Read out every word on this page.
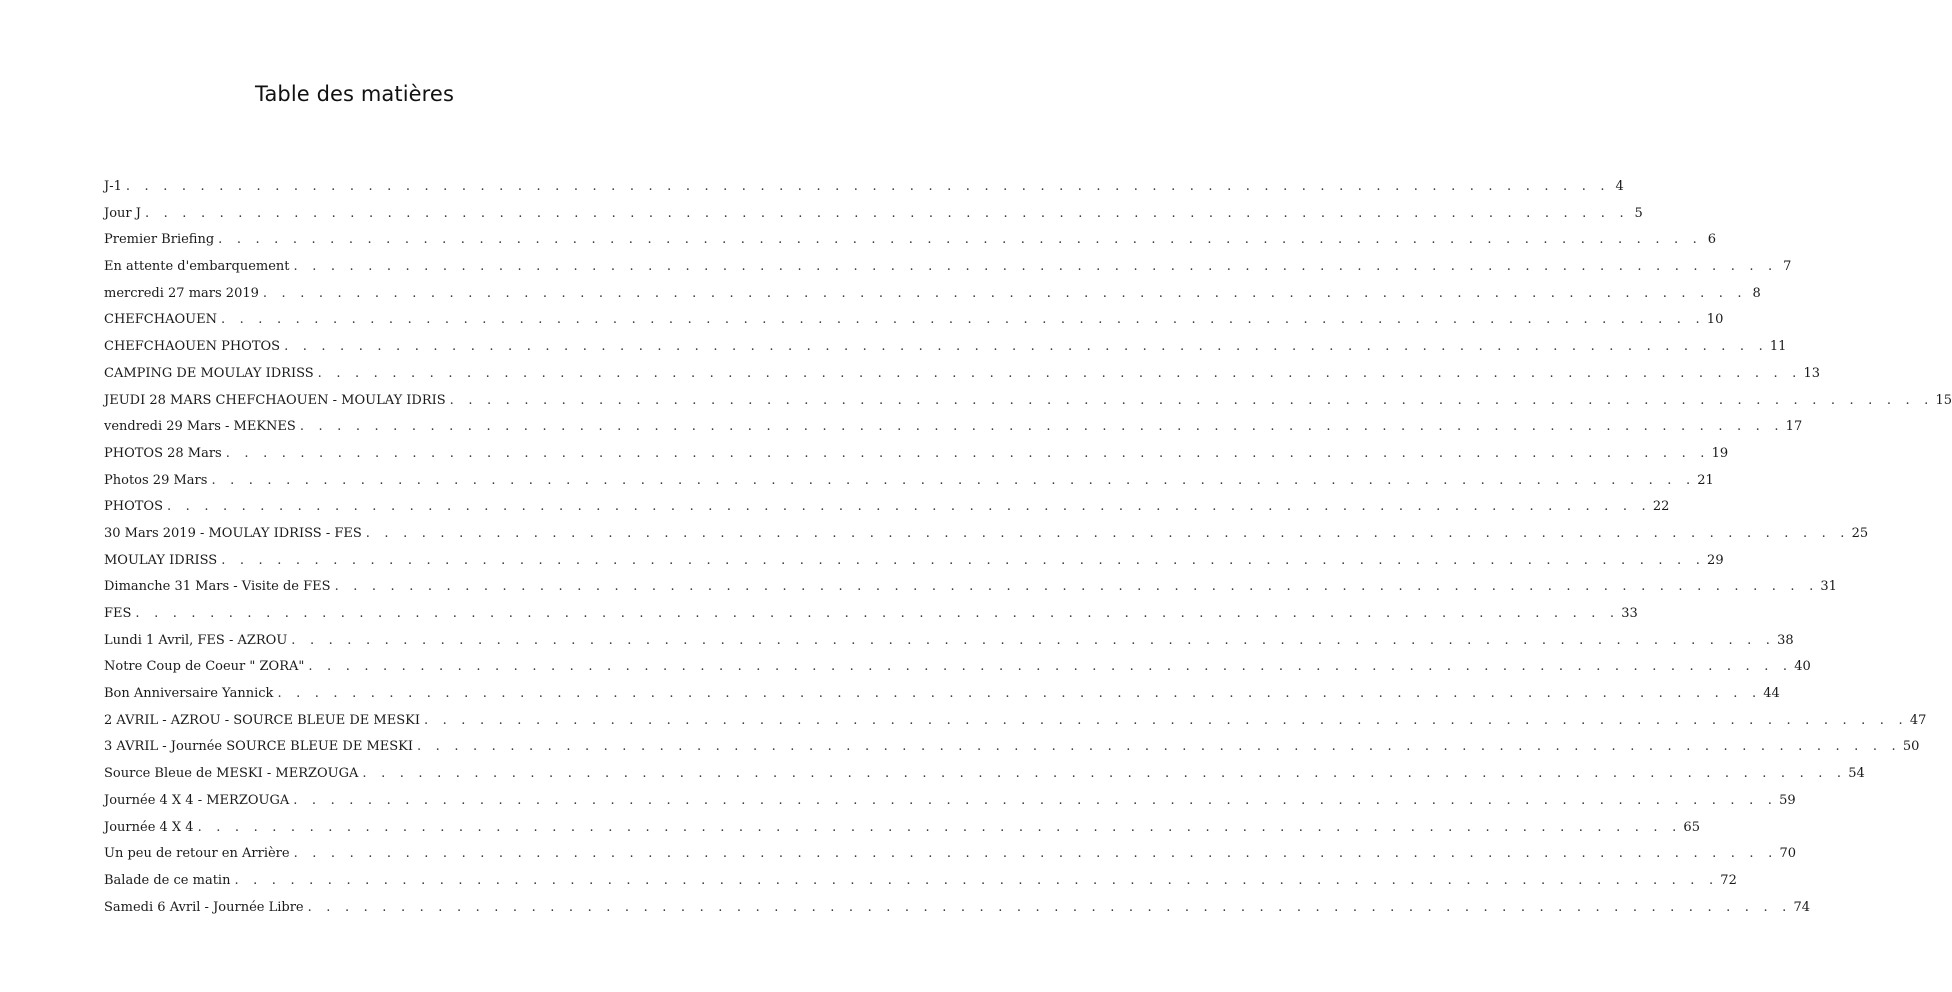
Table des matières
J-1 . . . . . . . . . . . . . . . . . . . . . . . . . . . . . . . . . . . . . . . . . . . . . . . . . . . . . . . . . . . . . . . . . . . . . . . . . . . . . . . . 4
Jour J . . . . . . . . . . . . . . . . . . . . . . . . . . . . . . . . . . . . . . . . . . . . . . . . . . . . . . . . . . . . . . . . . . . . . . . . . . . . . . . . 5
Premier Briefing . . . . . . . . . . . . . . . . . . . . . . . . . . . . . . . . . . . . . . . . . . . . . . . . . . . . . . . . . . . . . . . . . . . . . . . . . . . . . . . . 6
En attente d'embarquement . . . . . . . . . . . . . . . . . . . . . . . . . . . . . . . . . . . . . . . . . . . . . . . . . . . . . . . . . . . . . . . . . . . . . . . . . . . . . . . . 7
mercredi 27 mars 2019 . . . . . . . . . . . . . . . . . . . . . . . . . . . . . . . . . . . . . . . . . . . . . . . . . . . . . . . . . . . . . . . . . . . . . . . . . . . . . . . . 8
CHEFCHAOUEN . . . . . . . . . . . . . . . . . . . . . . . . . . . . . . . . . . . . . . . . . . . . . . . . . . . . . . . . . . . . . . . . . . . . . . . . . . . . . . . . 10
CHEFCHAOUEN PHOTOS . . . . . . . . . . . . . . . . . . . . . . . . . . . . . . . . . . . . . . . . . . . . . . . . . . . . . . . . . . . . . . . . . . . . . . . . . . . . . . . . 11
CAMPING DE MOULAY IDRISS . . . . . . . . . . . . . . . . . . . . . . . . . . . . . . . . . . . . . . . . . . . . . . . . . . . . . . . . . . . . . . . . . . . . . . . . . . . . . . . . 13
JEUDI 28 MARS CHEFCHAOUEN - MOULAY IDRIS . . . . . . . . . . . . . . . . . . . . . . . . . . . . . . . . . . . . . . . . . . . . . . . . . . . . . . . . . . . . . . . . . . . . . . . . . . . . . . . . 15
vendredi 29 Mars - MEKNES . . . . . . . . . . . . . . . . . . . . . . . . . . . . . . . . . . . . . . . . . . . . . . . . . . . . . . . . . . . . . . . . . . . . . . . . . . . . . . . . 17
PHOTOS 28 Mars . . . . . . . . . . . . . . . . . . . . . . . . . . . . . . . . . . . . . . . . . . . . . . . . . . . . . . . . . . . . . . . . . . . . . . . . . . . . . . . . 19
Photos 29 Mars . . . . . . . . . . . . . . . . . . . . . . . . . . . . . . . . . . . . . . . . . . . . . . . . . . . . . . . . . . . . . . . . . . . . . . . . . . . . . . . . 21
PHOTOS . . . . . . . . . . . . . . . . . . . . . . . . . . . . . . . . . . . . . . . . . . . . . . . . . . . . . . . . . . . . . . . . . . . . . . . . . . . . . . . . 22
30 Mars 2019 - MOULAY IDRISS - FES . . . . . . . . . . . . . . . . . . . . . . . . . . . . . . . . . . . . . . . . . . . . . . . . . . . . . . . . . . . . . . . . . . . . . . . . . . . . . . . . 25
MOULAY IDRISS . . . . . . . . . . . . . . . . . . . . . . . . . . . . . . . . . . . . . . . . . . . . . . . . . . . . . . . . . . . . . . . . . . . . . . . . . . . . . . . . 29
Dimanche 31 Mars - Visite de FES . . . . . . . . . . . . . . . . . . . . . . . . . . . . . . . . . . . . . . . . . . . . . . . . . . . . . . . . . . . . . . . . . . . . . . . . . . . . . . . . 31
FES . . . . . . . . . . . . . . . . . . . . . . . . . . . . . . . . . . . . . . . . . . . . . . . . . . . . . . . . . . . . . . . . . . . . . . . . . . . . . . . . 33
Lundi 1 Avril, FES - AZROU . . . . . . . . . . . . . . . . . . . . . . . . . . . . . . . . . . . . . . . . . . . . . . . . . . . . . . . . . . . . . . . . . . . . . . . . . . . . . . . . 38
Notre Coup de Coeur " ZORA" . . . . . . . . . . . . . . . . . . . . . . . . . . . . . . . . . . . . . . . . . . . . . . . . . . . . . . . . . . . . . . . . . . . . . . . . . . . . . . . . 40
Bon Anniversaire Yannick . . . . . . . . . . . . . . . . . . . . . . . . . . . . . . . . . . . . . . . . . . . . . . . . . . . . . . . . . . . . . . . . . . . . . . . . . . . . . . . . 44
2 AVRIL - AZROU - SOURCE BLEUE DE MESKI . . . . . . . . . . . . . . . . . . . . . . . . . . . . . . . . . . . . . . . . . . . . . . . . . . . . . . . . . . . . . . . . . . . . . . . . . . . . . . . . 47
3 AVRIL - Journée SOURCE BLEUE DE MESKI . . . . . . . . . . . . . . . . . . . . . . . . . . . . . . . . . . . . . . . . . . . . . . . . . . . . . . . . . . . . . . . . . . . . . . . . . . . . . . . . 50
Source Bleue de MESKI - MERZOUGA . . . . . . . . . . . . . . . . . . . . . . . . . . . . . . . . . . . . . . . . . . . . . . . . . . . . . . . . . . . . . . . . . . . . . . . . . . . . . . . . 54
Journée 4 X 4 - MERZOUGA . . . . . . . . . . . . . . . . . . . . . . . . . . . . . . . . . . . . . . . . . . . . . . . . . . . . . . . . . . . . . . . . . . . . . . . . . . . . . . . . 59
Journée 4 X 4 . . . . . . . . . . . . . . . . . . . . . . . . . . . . . . . . . . . . . . . . . . . . . . . . . . . . . . . . . . . . . . . . . . . . . . . . . . . . . . . . 65
Un peu de retour en Arrière . . . . . . . . . . . . . . . . . . . . . . . . . . . . . . . . . . . . . . . . . . . . . . . . . . . . . . . . . . . . . . . . . . . . . . . . . . . . . . . . 70
Balade de ce matin . . . . . . . . . . . . . . . . . . . . . . . . . . . . . . . . . . . . . . . . . . . . . . . . . . . . . . . . . . . . . . . . . . . . . . . . . . . . . . . . 72
Samedi 6 Avril - Journée Libre . . . . . . . . . . . . . . . . . . . . . . . . . . . . . . . . . . . . . . . . . . . . . . . . . . . . . . . . . . . . . . . . . . . . . . . . . . . . . . . . 74
